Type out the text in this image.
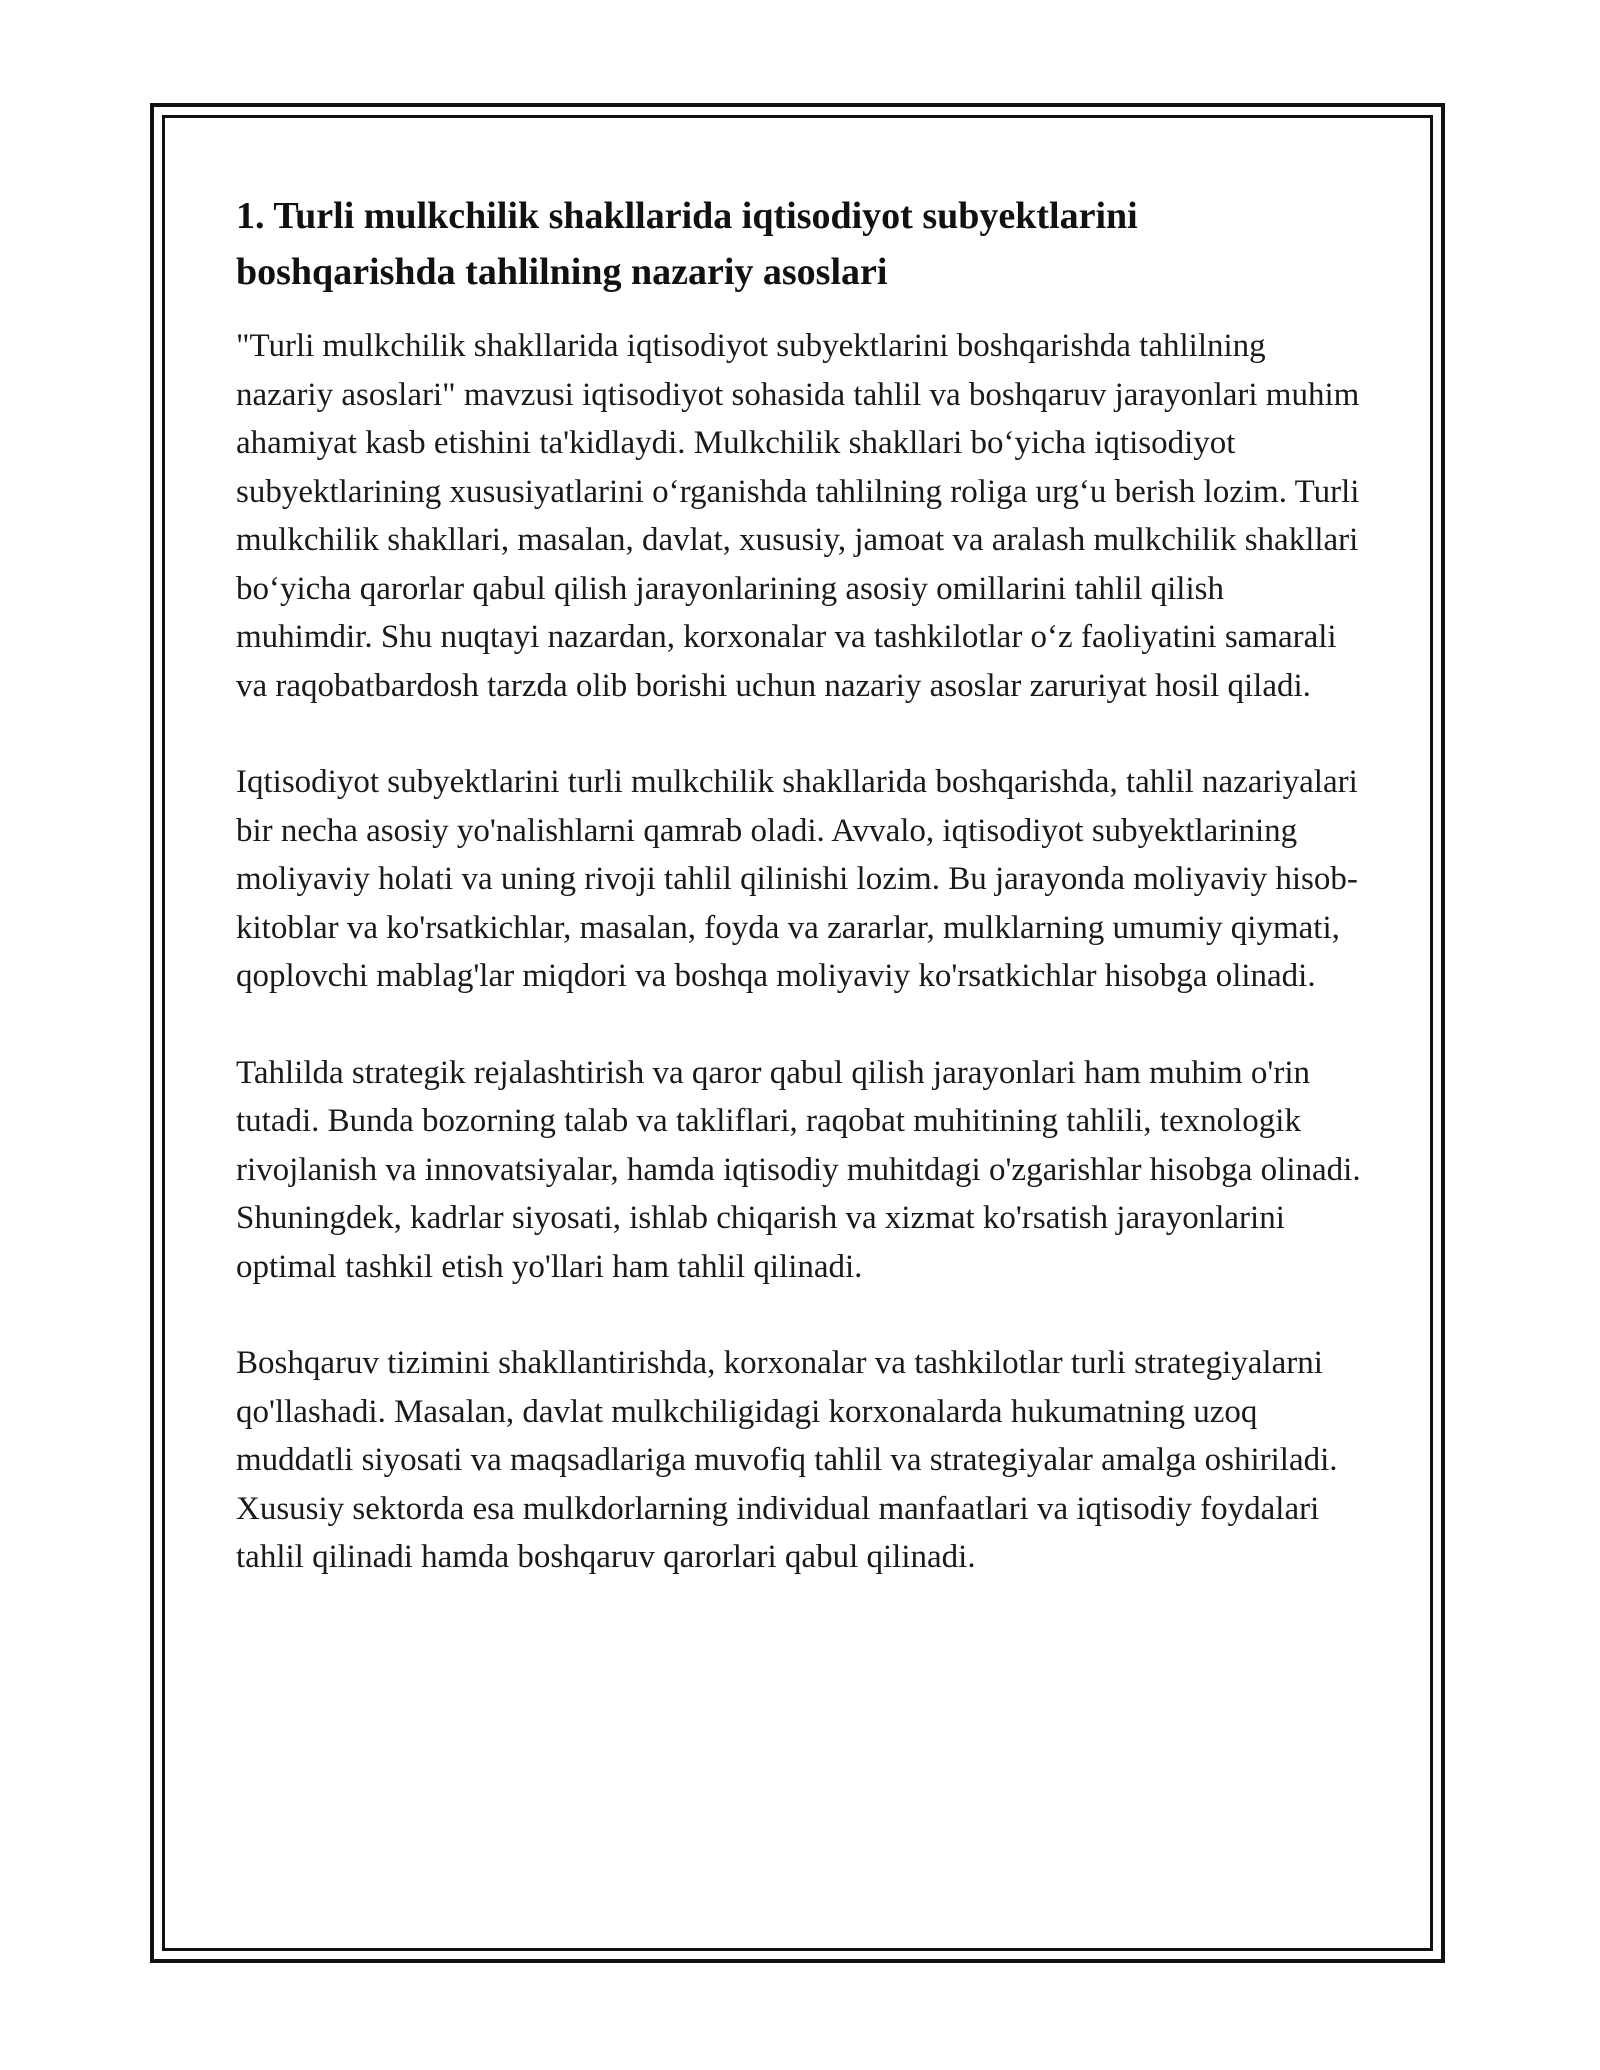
1. Turli mulkchilik shakllarida iqtisodiyot subyektlarini boshqarishda tahlilning nazariy asoslari

"Turli mulkchilik shakllarida iqtisodiyot subyektlarini boshqarishda tahlilning nazariy asoslari" mavzusi iqtisodiyot sohasida tahlil va boshqaruv jarayonlari muhim ahamiyat kasb etishini ta'kidlaydi. Mulkchilik shakllari bo‘yicha iqtisodiyot subyektlarining xususiyatlarini o‘rganishda tahlilning roliga urg‘u berish lozim. Turli mulkchilik shakllari, masalan, davlat, xususiy, jamoat va aralash mulkchilik shakllari bo‘yicha qarorlar qabul qilish jarayonlarining asosiy omillarini tahlil qilish muhimdir. Shu nuqtayi nazardan, korxonalar va tashkilotlar o‘z faoliyatini samarali va raqobatbardosh tarzda olib borishi uchun nazariy asoslar zaruriyat hosil qiladi.

Iqtisodiyot subyektlarini turli mulkchilik shakllarida boshqarishda, tahlil nazariyalari bir necha asosiy yo'nalishlarni qamrab oladi. Avvalo, iqtisodiyot subyektlarining moliyaviy holati va uning rivoji tahlil qilinishi lozim. Bu jarayonda moliyaviy hisob-kitoblar va ko'rsatkichlar, masalan, foyda va zararlar, mulklarning umumiy qiymati, qoplovchi mablag'lar miqdori va boshqa moliyaviy ko'rsatkichlar hisobga olinadi.

Tahlilda strategik rejalashtirish va qaror qabul qilish jarayonlari ham muhim o'rin tutadi. Bunda bozorning talab va takliflari, raqobat muhitining tahlili, texnologik rivojlanish va innovatsiyalar, hamda iqtisodiy muhitdagi o'zgarishlar hisobga olinadi. Shuningdek, kadrlar siyosati, ishlab chiqarish va xizmat ko'rsatish jarayonlarini optimal tashkil etish yo'llari ham tahlil qilinadi.

Boshqaruv tizimini shakllantirishda, korxonalar va tashkilotlar turli strategiyalarni qo'llashadi. Masalan, davlat mulkchiligidagi korxonalarda hukumatning uzoq muddatli siyosati va maqsadlariga muvofiq tahlil va strategiyalar amalga oshiriladi. Xususiy sektorda esa mulkdorlarning individual manfaatlari va iqtisodiy foydalari tahlil qilinadi hamda boshqaruv qarorlari qabul qilinadi.
